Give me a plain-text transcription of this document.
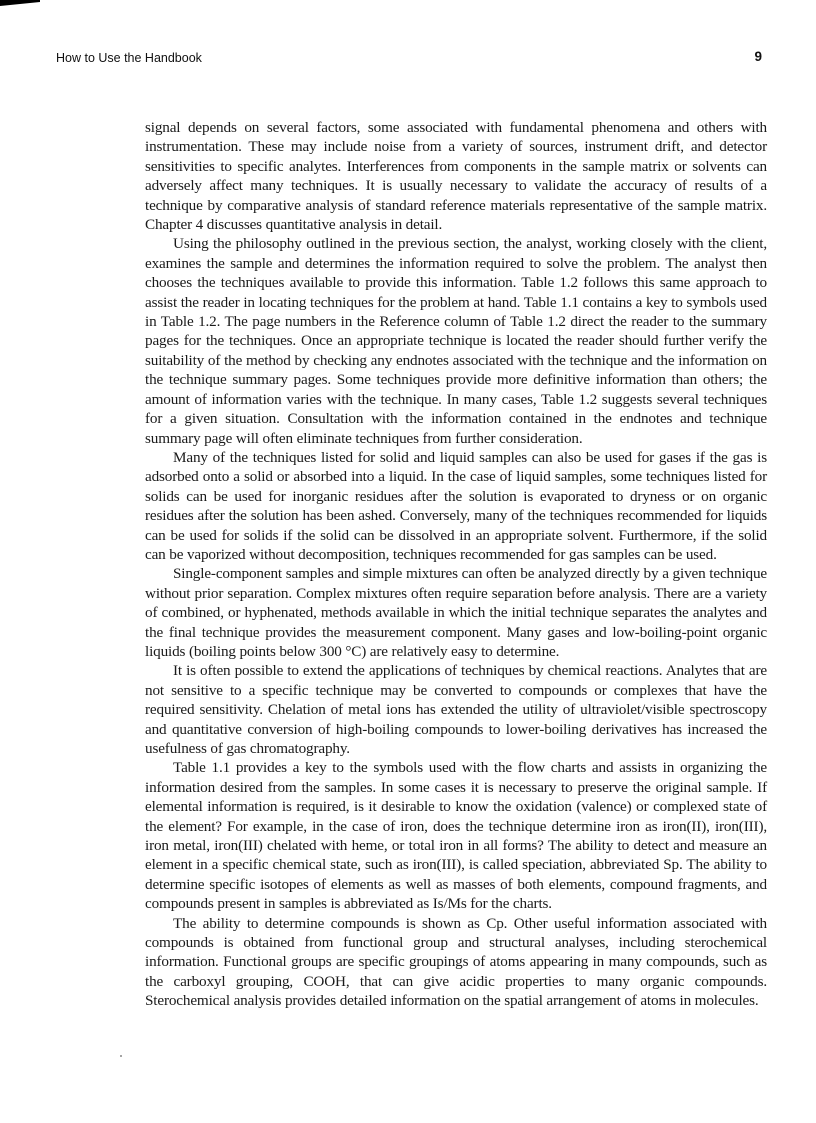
How to Use the Handbook	9

signal depends on several factors, some associated with fundamental phenomena and others with instrumentation. These may include noise from a variety of sources, instrument drift, and detector sensitivities to specific analytes. Interferences from components in the sample matrix or solvents can adversely affect many techniques. It is usually necessary to validate the accuracy of results of a technique by comparative analysis of standard reference materials representative of the sample matrix. Chapter 4 discusses quantitative analysis in detail.

Using the philosophy outlined in the previous section, the analyst, working closely with the client, examines the sample and determines the information required to solve the problem. The analyst then chooses the techniques available to provide this information. Table 1.2 follows this same approach to assist the reader in locating techniques for the problem at hand. Table 1.1 contains a key to symbols used in Table 1.2. The page numbers in the Reference column of Table 1.2 direct the reader to the summary pages for the techniques. Once an appropriate technique is located the reader should further verify the suitability of the method by checking any endnotes associated with the technique and the information on the technique summary pages. Some techniques provide more definitive information than others; the amount of information varies with the technique. In many cases, Table 1.2 suggests several techniques for a given situation. Consultation with the information contained in the endnotes and technique summary page will often eliminate techniques from further consideration.

Many of the techniques listed for solid and liquid samples can also be used for gases if the gas is adsorbed onto a solid or absorbed into a liquid. In the case of liquid samples, some techniques listed for solids can be used for inorganic residues after the solution is evaporated to dryness or on organic residues after the solution has been ashed. Conversely, many of the techniques recommended for liquids can be used for solids if the solid can be dissolved in an appropriate solvent. Furthermore, if the solid can be vaporized without decomposition, techniques recommended for gas samples can be used.

Single-component samples and simple mixtures can often be analyzed directly by a given technique without prior separation. Complex mixtures often require separation before analysis. There are a variety of combined, or hyphenated, methods available in which the initial technique separates the analytes and the final technique provides the measurement component. Many gases and low-boiling-point organic liquids (boiling points below 300 °C) are relatively easy to determine.

It is often possible to extend the applications of techniques by chemical reactions. Analytes that are not sensitive to a specific technique may be converted to compounds or complexes that have the required sensitivity. Chelation of metal ions has extended the utility of ultraviolet/visible spectroscopy and quantitative conversion of high-boiling compounds to lower-boiling derivatives has increased the usefulness of gas chromatography.

Table 1.1 provides a key to the symbols used with the flow charts and assists in organizing the information desired from the samples. In some cases it is necessary to preserve the original sample. If elemental information is required, is it desirable to know the oxidation (valence) or complexed state of the element? For example, in the case of iron, does the technique determine iron as iron(II), iron(III), iron metal, iron(III) chelated with heme, or total iron in all forms? The ability to detect and measure an element in a specific chemical state, such as iron(III), is called speciation, abbreviated Sp. The ability to determine specific isotopes of elements as well as masses of both elements, compound fragments, and compounds present in samples is abbreviated as Is/Ms for the charts.

The ability to determine compounds is shown as Cp. Other useful information associated with compounds is obtained from functional group and structural analyses, including sterochemical information. Functional groups are specific groupings of atoms appearing in many compounds, such as the carboxyl grouping, COOH, that can give acidic properties to many organic compounds. Sterochemical analysis provides detailed information on the spatial arrangement of atoms in molecules.
